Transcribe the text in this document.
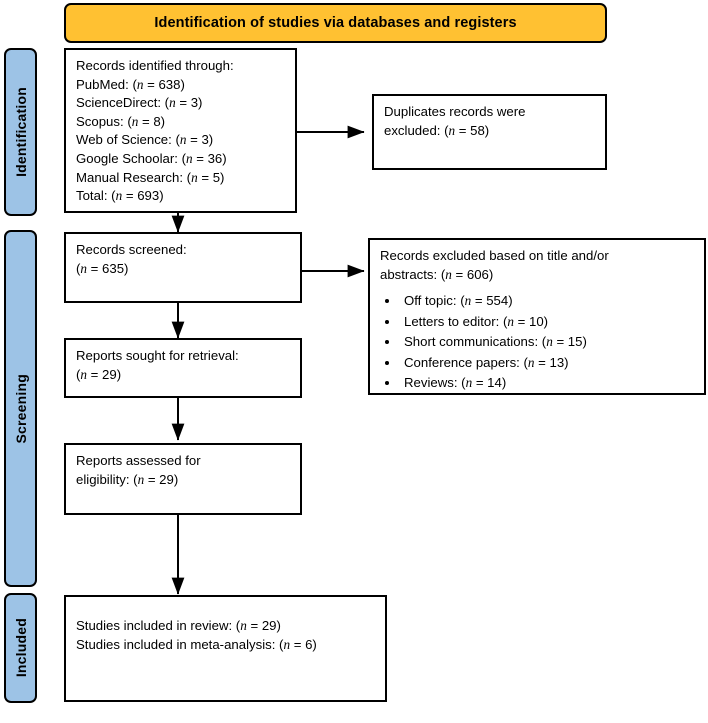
Identification of studies via databases and registers
Identification
Screening
Included
Records identified through:
PubMed: (n = 638)
ScienceDirect: (n = 3)
Scopus: (n = 8)
Web of Science: (n = 3)
Google Schoolar: (n = 36)
Manual Research: (n = 5)
Total: (n = 693)
Duplicates records were
excluded: (n = 58)
Records screened:
(n = 635)
Records excluded based on title and/or
abstracts: (n = 606)
• Off topic: (n = 554)
• Letters to editor: (n = 10)
• Short communications: (n = 15)
• Conference papers: (n = 13)
• Reviews: (n = 14)
Reports sought for retrieval:
(n = 29)
Reports assessed for
eligibility: (n = 29)
Studies included in review: (n = 29)
Studies included in meta-analysis: (n = 6)
